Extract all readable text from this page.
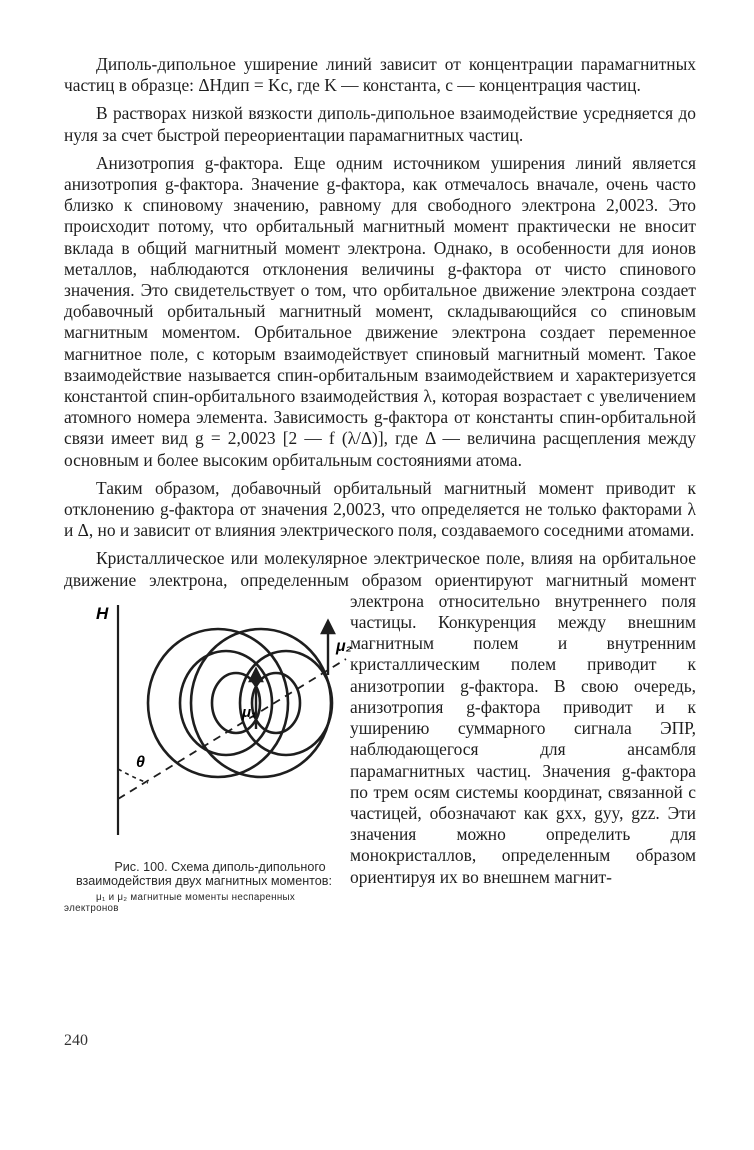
Диполь-дипольное уширение линий зависит от концентрации парамагнитных частиц в образце: ΔHдип = Kc, где K — константа, c — концентрация частиц.

В растворах низкой вязкости диполь-дипольное взаимодействие усредняется до нуля за счет быстрой переориентации парамагнитных частиц.

Анизотропия g-фактора. Еще одним источником уширения линий является анизотропия g-фактора. Значение g-фактора, как отмечалось вначале, очень часто близко к спиновому значению, равному для свободного электрона 2,0023. Это происходит потому, что орбитальный магнитный момент практически не вносит вклада в общий магнитный момент электрона. Однако, в особенности для ионов металлов, наблюдаются отклонения величины g-фактора от чисто спинового значения. Это свидетельствует о том, что орбитальное движение электрона создает добавочный орбитальный магнитный момент, складывающийся со спиновым магнитным моментом. Орбитальное движение электрона создает переменное магнитное поле, с которым взаимодействует спиновый магнитный момент. Такое взаимодействие называется спин-орбитальным взаимодействием и характеризуется константой спин-орбитального взаимодействия λ, которая возрастает с увеличением атомного номера элемента. Зависимость g-фактора от константы спин-орбитальной связи имеет вид g = 2,0023 [2 — f (λ/Δ)], где Δ — величина расщепления между основным и более высоким орбитальным состояниями атома.

Таким образом, добавочный орбитальный магнитный момент приводит к отклонению g-фактора от значения 2,0023, что определяется не только факторами λ и Δ, но и зависит от влияния электрического поля, создаваемого соседними атомами.

Кристаллическое или молекулярное электрическое поле, влияя на орбитальное движение электрона, определенным образом ориен
H
θ
μ₁
μ₂
Рис. 100. Схема диполь-дипольного взаимодействия двух магнитных моментов:
μ₁ и μ₂ магнитные моменты неспаренных электронов
тируют магнитный момент электрона относительно внутреннего поля частицы. Конкуренция между внешним магнитным полем и внутренним кристаллическим полем приводит к анизотропии g-фактора. В свою очередь, анизотропия g-фактора приводит и к уширению суммарного сигнала ЭПР, наблюдающегося для ансамбля парамагнитных частиц. Значения g-фактора по трем осям системы координат, связанной с частицей, обозначают как gxx, gyy, gzz. Эти значения можно определить для монокристаллов, определенным образом ориентируя их во внешнем магнит-

240
